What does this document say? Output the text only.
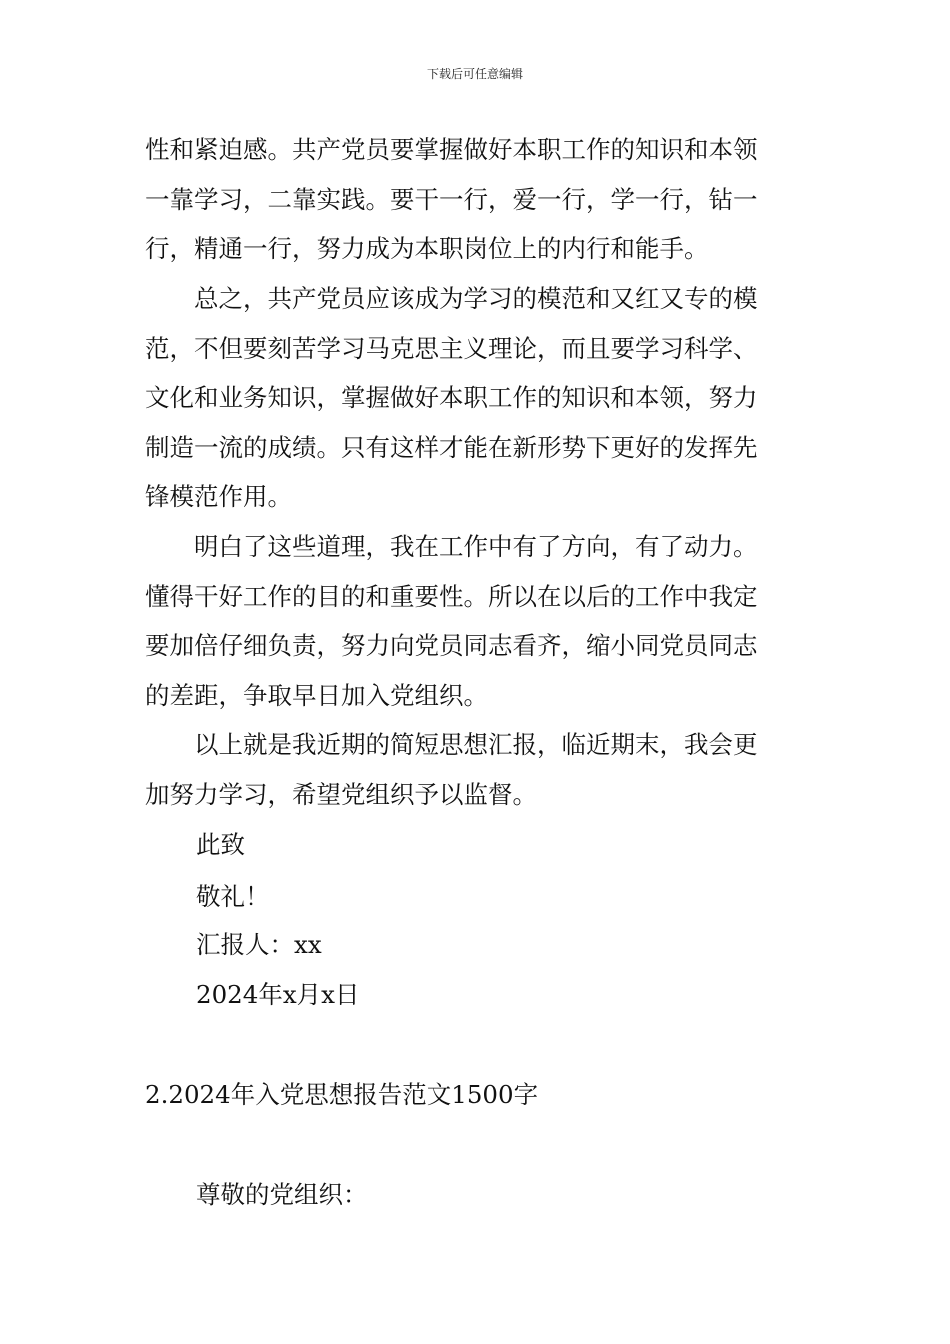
下载后可任意编辑

性和紧迫感。共产党员要掌握做好本职工作的知识和本领
一靠学习，二靠实践。要干一行，爱一行，学一行，钻一
行，精通一行，努力成为本职岗位上的内行和能手。

总之，共产党员应该成为学习的模范和又红又专的模
范，不但要刻苦学习马克思主义理论，而且要学习科学、
文化和业务知识，掌握做好本职工作的知识和本领，努力
制造一流的成绩。只有这样才能在新形势下更好的发挥先
锋模范作用。

明白了这些道理，我在工作中有了方向，有了动力。
懂得干好工作的目的和重要性。所以在以后的工作中我定
要加倍仔细负责，努力向党员同志看齐，缩小同党员同志
的差距，争取早日加入党组织。

以上就是我近期的简短思想汇报，临近期末，我会更
加努力学习，希望党组织予以监督。

此致
敬礼！
汇报人：xx
2024年x月x日
2.2024年入党思想报告范文1500字
尊敬的党组织：
